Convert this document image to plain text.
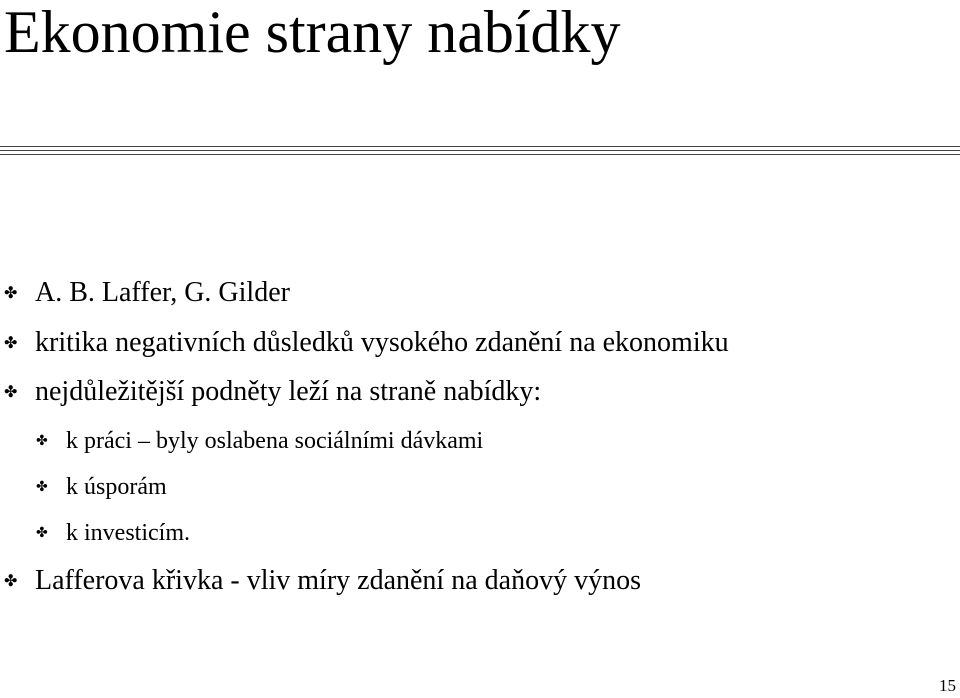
Ekonomie strany nabídky
✤ A. B. Laffer, G. Gilder
✤ kritika negativních důsledků vysokého zdanění na ekonomiku
✤ nejdůležitější podněty leží na straně nabídky:
✤ k práci – byly oslabena sociálními dávkami
✤ k úsporám
✤ k investicím.
✤ Lafferova křivka - vliv míry zdanění na daňový výnos
15
